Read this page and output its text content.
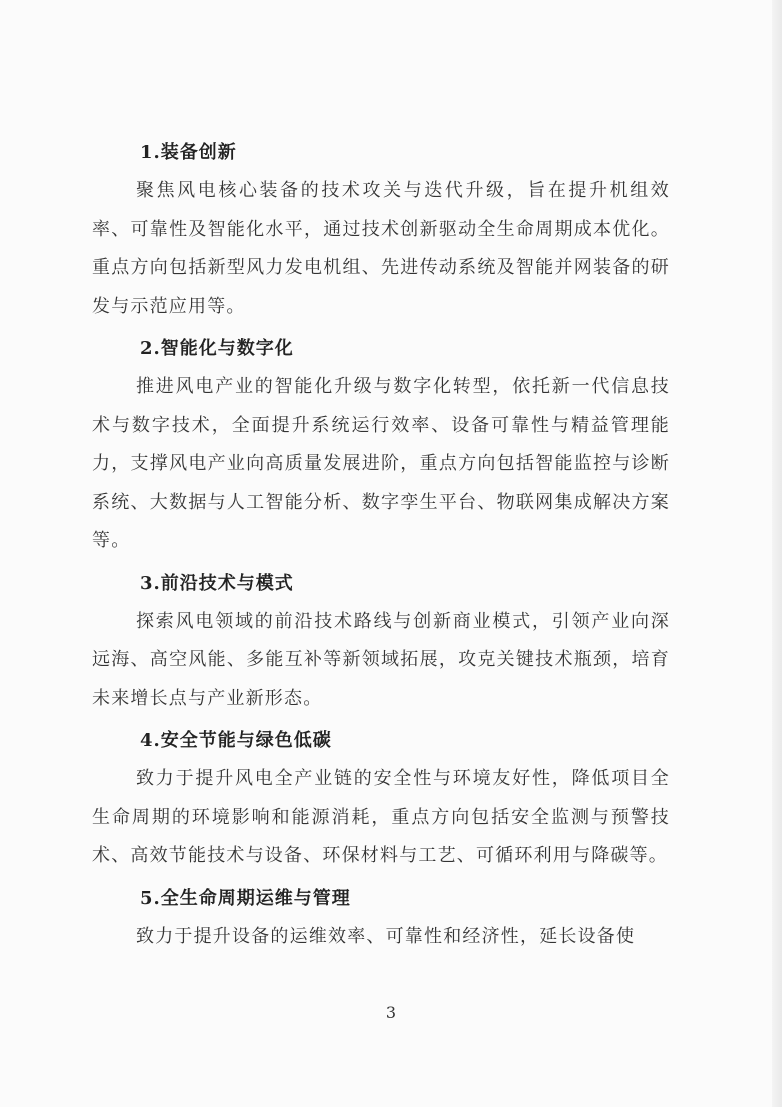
1.装备创新

聚焦风电核心装备的技术攻关与迭代升级，旨在提升机组效率、可靠性及智能化水平，通过技术创新驱动全生命周期成本优化。重点方向包括新型风力发电机组、先进传动系统及智能并网装备的研发与示范应用等。

2.智能化与数字化

推进风电产业的智能化升级与数字化转型，依托新一代信息技术与数字技术，全面提升系统运行效率、设备可靠性与精益管理能力，支撑风电产业向高质量发展进阶，重点方向包括智能监控与诊断系统、大数据与人工智能分析、数字孪生平台、物联网集成解决方案等。

3.前沿技术与模式

探索风电领域的前沿技术路线与创新商业模式，引领产业向深远海、高空风能、多能互补等新领域拓展，攻克关键技术瓶颈，培育未来增长点与产业新形态。

4.安全节能与绿色低碳

致力于提升风电全产业链的安全性与环境友好性，降低项目全生命周期的环境影响和能源消耗，重点方向包括安全监测与预警技术、高效节能技术与设备、环保材料与工艺、可循环利用与降碳等。

5.全生命周期运维与管理

致力于提升设备的运维效率、可靠性和经济性，延长设备使

3
